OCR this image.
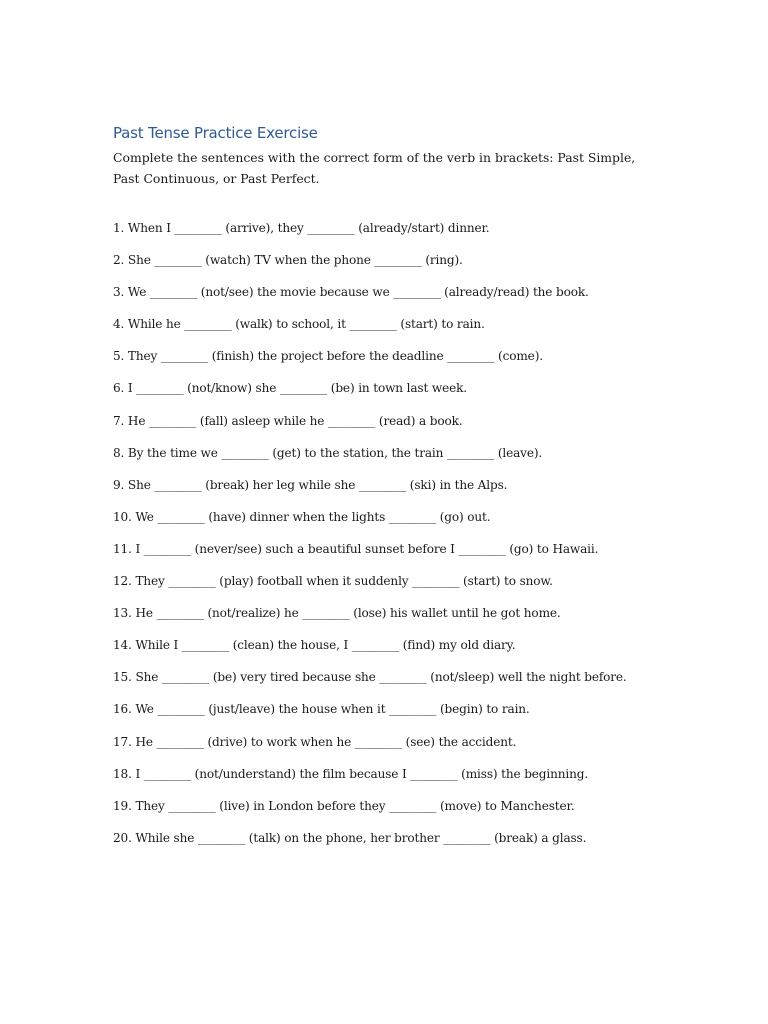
Past Tense Practice Exercise
Complete the sentences with the correct form of the verb in brackets: Past Simple, Past Continuous, or Past Perfect.
1. When I ________ (arrive), they ________ (already/start) dinner.
2. She ________ (watch) TV when the phone ________ (ring).
3. We ________ (not/see) the movie because we ________ (already/read) the book.
4. While he ________ (walk) to school, it ________ (start) to rain.
5. They ________ (finish) the project before the deadline ________ (come).
6. I ________ (not/know) she ________ (be) in town last week.
7. He ________ (fall) asleep while he ________ (read) a book.
8. By the time we ________ (get) to the station, the train ________ (leave).
9. She ________ (break) her leg while she ________ (ski) in the Alps.
10. We ________ (have) dinner when the lights ________ (go) out.
11. I ________ (never/see) such a beautiful sunset before I ________ (go) to Hawaii.
12. They ________ (play) football when it suddenly ________ (start) to snow.
13. He ________ (not/realize) he ________ (lose) his wallet until he got home.
14. While I ________ (clean) the house, I ________ (find) my old diary.
15. She ________ (be) very tired because she ________ (not/sleep) well the night before.
16. We ________ (just/leave) the house when it ________ (begin) to rain.
17. He ________ (drive) to work when he ________ (see) the accident.
18. I ________ (not/understand) the film because I ________ (miss) the beginning.
19. They ________ (live) in London before they ________ (move) to Manchester.
20. While she ________ (talk) on the phone, her brother ________ (break) a glass.
